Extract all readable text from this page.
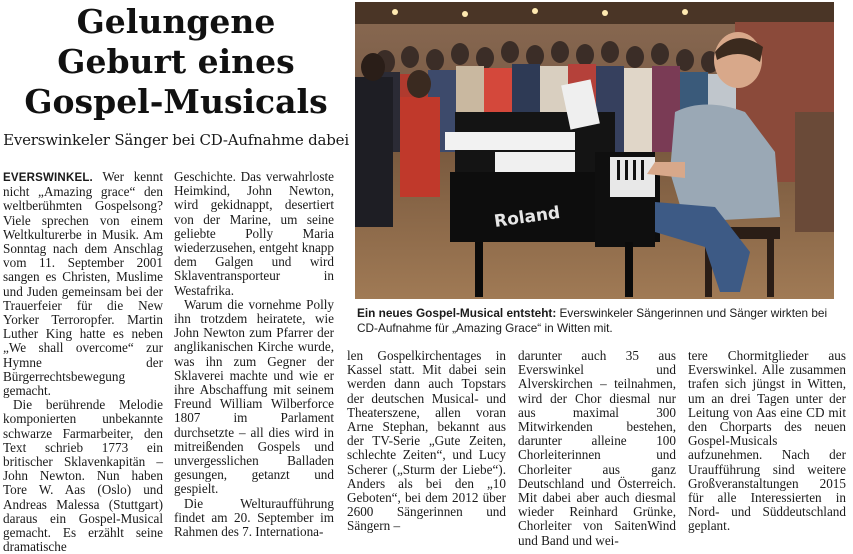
Gelungene
Geburt eines
Gospel-Musicals

Everswinkeler Sänger bei CD-Aufnahme dabei

EVERSWINKEL. Wer kennt nicht „Amazing grace“ den weltberühmten Gospelsong? Viele sprechen von einem Weltkulturerbe in Musik. Am Sonntag nach dem Anschlag vom 11. September 2001 sangen es Christen, Muslime und Juden gemeinsam bei der Trauerfeier für die New Yorker Terroropfer. Martin Luther King hatte es neben „We shall overcome“ zur Hymne der Bürgerrechtsbewegung gemacht.

Die berührende Melodie komponierten unbekannte schwarze Farmarbeiter, den Text schrieb 1773 ein britischer Sklavenkapitän – John Newton. Nun haben Tore W. Aas (Oslo) und Andreas Malessa (Stuttgart) daraus ein Gospel-Musical gemacht. Es erzählt seine dramatische

Geschichte. Das verwahrloste Heimkind, John Newton, wird gekidnappt, desertiert von der Marine, um seine geliebte Polly Maria wiederzusehen, entgeht knapp dem Galgen und wird Sklaventransporteur in Westafrika.

Warum die vornehme Polly ihn trotzdem heiratete, wie John Newton zum Pfarrer der anglikanischen Kirche wurde, was ihn zum Gegner der Sklaverei machte und wie er ihre Abschaffung mit seinem Freund William Wilberforce 1807 im Parlament durchsetzte – all dies wird in mitreißenden Gospels und unvergesslichen Balladen gesungen, getanzt und gespielt.

Die Welturaufführung findet am 20. September im Rahmen des 7. Internationa-

Roland

Ein neues Gospel-Musical entsteht: Everswinkeler Sängerinnen und Sänger wirkten bei CD-Aufnahme für „Amazing Grace“ in Witten mit.

len Gospelkirchentages in Kassel statt. Mit dabei sein werden dann auch Topstars der deutschen Musical- und Theaterszene, allen voran Arne Stephan, bekannt aus der TV-Serie „Gute Zeiten, schlechte Zeiten“, und Lucy Scherer („Sturm der Liebe“). Anders als bei den „10 Geboten“, bei dem 2012 über 2600 Sängerinnen und Sängern –

darunter auch 35 aus Everswinkel und Alverskirchen – teilnahmen, wird der Chor diesmal nur aus maximal 300 Mitwirkenden bestehen, darunter alleine 100 Chorleiterinnen und Chorleiter aus ganz Deutschland und Österreich. Mit dabei aber auch diesmal wieder Reinhard Grünke, Chorleiter von SaitenWind und Band und wei-

tere Chormitglieder aus Everswinkel. Alle zusammen trafen sich jüngst in Witten, um an drei Tagen unter der Leitung von Aas eine CD mit den Chorparts des neuen Gospel-Musicals aufzunehmen. Nach der Uraufführung sind weitere Großveranstaltungen 2015 für alle Interessierten in Nord- und Süddeutschland geplant.
